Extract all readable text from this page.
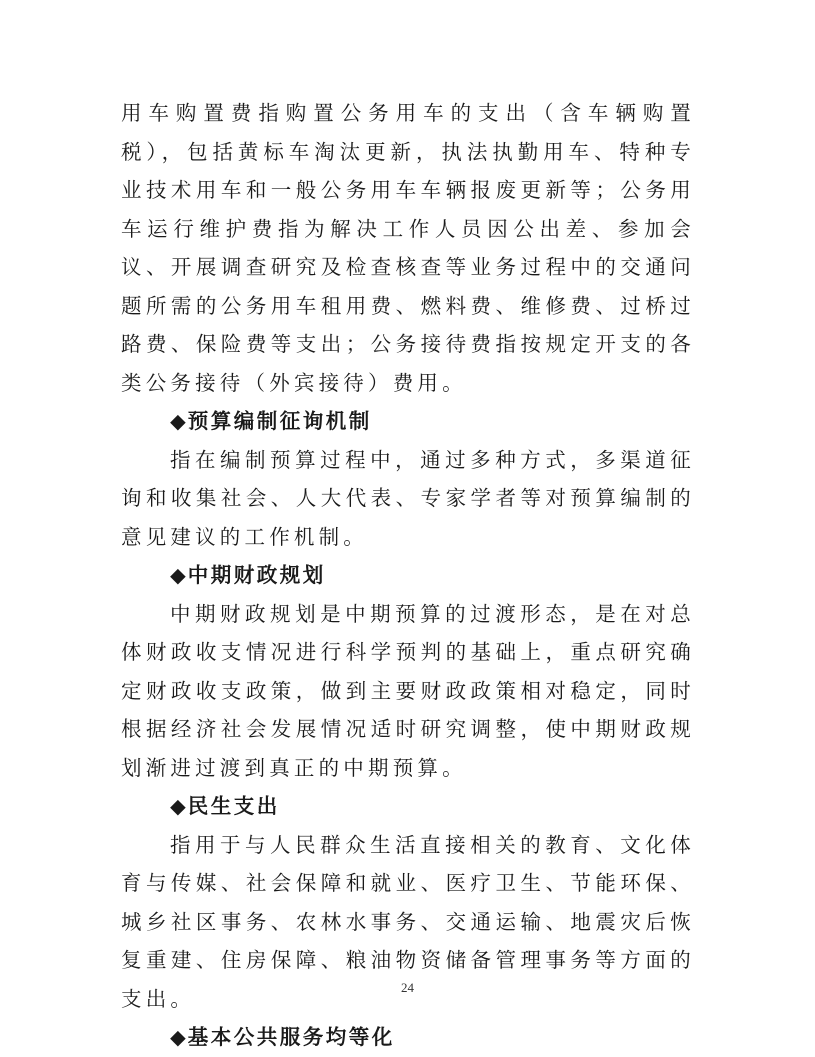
用车购置费指购置公务用车的支出（含车辆购置税），包括黄标车淘汰更新，执法执勤用车、特种专业技术用车和一般公务用车车辆报废更新等；公务用车运行维护费指为解决工作人员因公出差、参加会议、开展调查研究及检查核查等业务过程中的交通问题所需的公务用车租用费、燃料费、维修费、过桥过路费、保险费等支出；公务接待费指按规定开支的各类公务接待（外宾接待）费用。

◆预算编制征询机制

指在编制预算过程中，通过多种方式，多渠道征询和收集社会、人大代表、专家学者等对预算编制的意见建议的工作机制。

◆中期财政规划

中期财政规划是中期预算的过渡形态，是在对总体财政收支情况进行科学预判的基础上，重点研究确定财政收支政策，做到主要财政政策相对稳定，同时根据经济社会发展情况适时研究调整，使中期财政规划渐进过渡到真正的中期预算。

◆民生支出

指用于与人民群众生活直接相关的教育、文化体育与传媒、社会保障和就业、医疗卫生、节能环保、城乡社区事务、农林水事务、交通运输、地震灾后恢复重建、住房保障、粮油物资储备管理事务等方面的支出。

◆基本公共服务均等化
24
